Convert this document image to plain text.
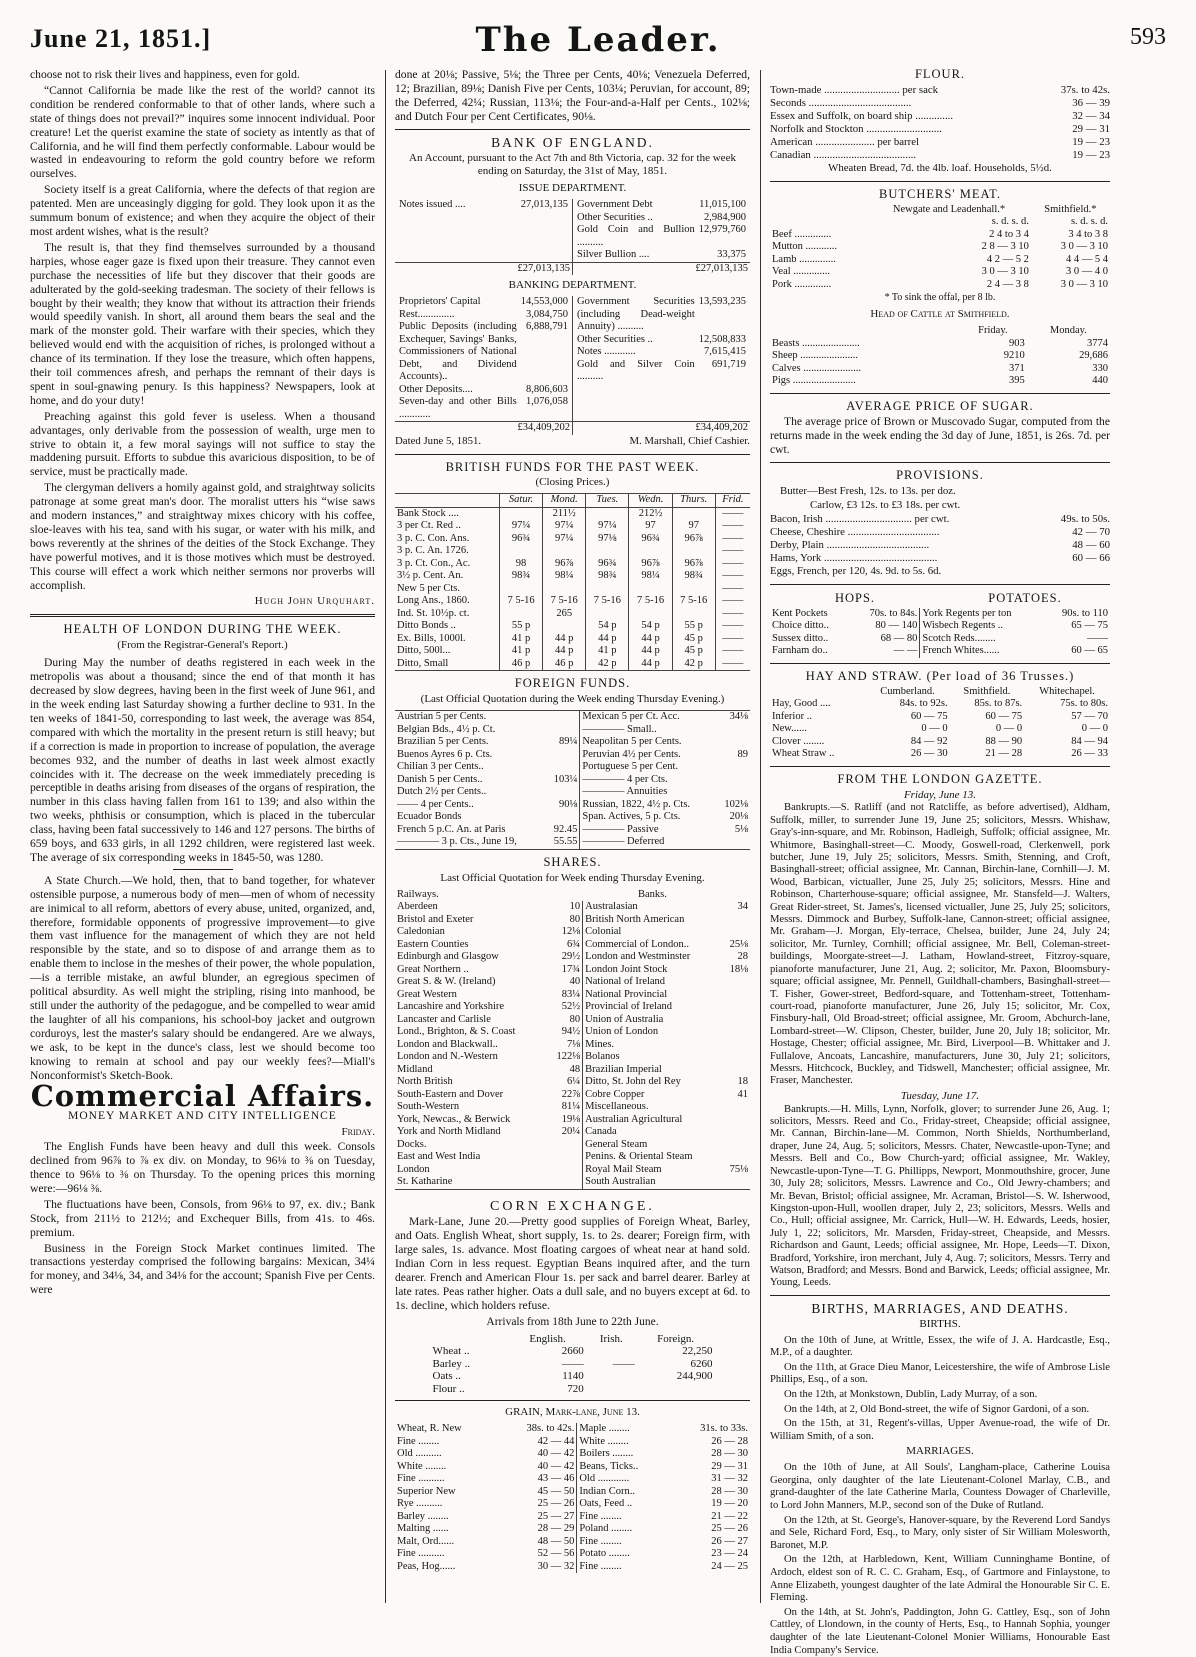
June 21, 1851.]	The Leader.	593

choose not to risk their lives and happiness, even for gold.

“Cannot California be made like the rest of the world? cannot its condition be rendered conformable to that of other lands, where such a state of things does not prevail?” inquires some innocent individual. Poor creature! Let the querist examine the state of society as intently as that of California, and he will find them perfectly conformable. Labour would be wasted in endeavouring to reform the gold country before we reform ourselves.

Society itself is a great California, where the defects of that region are patented. Men are unceasingly digging for gold. They look upon it as the summum bonum of existence; and when they acquire the object of their most ardent wishes, what is the result?

The result is, that they find themselves surrounded by a thousand harpies, whose eager gaze is fixed upon their treasure. They cannot even purchase the necessities of life but they discover that their goods are adulterated by the gold-seeking tradesman. The society of their fellows is bought by their wealth; they know that without its attraction their friends would speedily vanish. In short, all around them bears the seal and the mark of the monster gold. Their warfare with their species, which they believed would end with the acquisition of riches, is prolonged without a chance of its termination. If they lose the treasure, which often happens, their toil commences afresh, and perhaps the remnant of their days is spent in soul-gnawing penury. Is this happiness? Newspapers, look at home, and do your duty!

Preaching against this gold fever is useless. When a thousand advantages, only derivable from the possession of wealth, urge men to strive to obtain it, a few moral sayings will not suffice to stay the maddening pursuit. Efforts to subdue this avaricious disposition, to be of service, must be practically made.

The clergyman delivers a homily against gold, and straightway solicits patronage at some great man's door. The moralist utters his “wise saws and modern instances,” and straightway mixes chicory with his coffee, sloe-leaves with his tea, sand with his sugar, or water with his milk, and bows reverently at the shrines of the deities of the Stock Exchange. They have powerful motives, and it is those motives which must be destroyed. This course will effect a work which neither sermons nor proverbs will accomplish.

Hugh John Urquhart.
HEALTH OF LONDON DURING THE WEEK.
(From the Registrar-General's Report.)

During May the number of deaths registered in each week in the metropolis was about a thousand; since the end of that month it has decreased by slow degrees, having been in the first week of June 961, and in the week ending last Saturday showing a further decline to 931. In the ten weeks of 1841-50, corresponding to last week, the average was 854, compared with which the mortality in the present return is still heavy; but if a correction is made in proportion to increase of population, the average becomes 932, and the number of deaths in last week almost exactly coincides with it. The decrease on the week immediately preceding is perceptible in deaths arising from diseases of the organs of respiration, the number in this class having fallen from 161 to 139; and also within the two weeks, phthisis or consumption, which is placed in the tubercular class, having been fatal successively to 146 and 127 persons. The births of 659 boys, and 633 girls, in all 1292 children, were registered last week. The average of six corresponding weeks in 1845-50, was 1280.

A State Church.—We hold, then, that to band together, for whatever ostensible purpose, a numerous body of men—men of whom of necessity are inimical to all reform, abettors of every abuse, united, organized, and, therefore, formidable opponents of progressive improvement—to give them vast influence for the management of which they are not held responsible by the state, and so to dispose of and arrange them as to enable them to inclose in the meshes of their power, the whole population,—is a terrible mistake, an awful blunder, an egregious specimen of political absurdity. As well might the stripling, rising into manhood, be still under the authority of the pedagogue, and be compelled to wear amid the laughter of all his companions, his school-boy jacket and outgrown corduroys, lest the master's salary should be endangered. Are we always, we ask, to be kept in the dunce's class, lest we should become too knowing to remain at school and pay our weekly fees?—Miall's Nonconformist's Sketch-Book.

Commercial Affairs.
MONEY MARKET AND CITY INTELLIGENCE
Friday.

The English Funds have been heavy and dull this week. Consols declined from 96⅞ to ⅞ ex div. on Monday, to 96⅛ to ⅜ on Tuesday, thence to 96⅛ to ⅜ on Thursday. To the opening prices this morning were:—96⅛ ⅜.

The fluctuations have been, Consols, from 96⅛ to 97, ex. div.; Bank Stock, from 211½ to 212½; and Exchequer Bills, from 41s. to 46s. premium.

Business in the Foreign Stock Market continues limited. The transactions yesterday comprised the following bargains: Mexican, 34¼ for money, and 34⅛, 34, and 34⅛ for the account; Spanish Five per Cents. were

done at 20⅛; Passive, 5⅛; the Three per Cents, 40⅛; Venezuela Deferred, 12; Brazilian, 89⅛; Danish Five per Cents, 103¼; Peruvian, for account, 89; the Deferred, 42¼; Russian, 113⅛; the Four-and-a-Half per Cents., 102⅛; and Dutch Four per Cent Certificates, 90⅛.

BANK OF ENGLAND.
An Account, pursuant to the Act 7th and 8th Victoria, cap. 32 for the week ending on Saturday, the 31st of May, 1851.
ISSUE DEPARTMENT.
Notes issued ....	27,013,135
	Government Debt	11,015,100
Other Securities ..	2,984,900
Gold Coin and Bullion ..........	12,979,760
Silver Bullion ....	33,375

£27,013,135	£27,013,135
BANKING DEPARTMENT.
Proprietors' Capital	14,553,000
Rest..............	3,084,750
Public Deposits (including Exchequer, Savings' Banks, Commissioners of National Debt, and Dividend Accounts)..	6,888,791
Other Deposits....	8,806,603
Seven-day and other Bills ............	1,076,058

Government Securities (including Dead-weight Annuity) ..........	13,593,235
Other Securities ..	12,508,833
Notes ............	7,615,415
Gold and Silver Coin ..........	691,719

£34,409,202	£34,409,202
Dated June 5, 1851.	M. Marshall, Chief Cashier.
BRITISH FUNDS FOR THE PAST WEEK.
(Closing Prices.)
	Satur.	Mond.	Tues.	Wedn.	Thurs.	Frid.
Bank Stock ....		211½		212½		——
3 per Ct. Red ..	97¼	97¼	97¼	97	97	——
3 p. C. Con. Ans.	96¾	97¼	97⅛	96¾	96⅞	——
3 p. C. An. 1726.						——
3 p. Ct. Con., Ac.	98	96⅞	96¾	96⅞	96⅞	——
3½ p. Cent. An.	98¾	98¼	98¾	98¼	98¾	——
New 5 per Cts.						——
Long Ans., 1860.	7 5-16	7 5-16	7 5-16	7 5-16	7 5-16	——
Ind. St. 10½p. ct.		265				——
Ditto Bonds ..	55 p		54 p	54 p	55 p	——
Ex. Bills, 1000l.	41 p	44 p	44 p	44 p	45 p	——
Ditto, 500l...	41 p	44 p	41 p	44 p	45 p	——
Ditto, Small	46 p	46 p	42 p	44 p	42 p	——
FOREIGN FUNDS.
(Last Official Quotation during the Week ending Thursday Evening.)
Austrian 5 per Cents.		Mexican 5 per Ct. Acc.	34⅛
Belgian Bds., 4½ p. Ct.		———— Small..	
Brazilian 5 per Cents.	89¼	Neapolitan 5 per Cents.	
Buenos Ayres 6 p. Cts.		Peruvian 4½ per Cents.	89
Chilian 3 per Cents..		Portuguese 5 per Cent.	
Danish 5 per Cents..	103¼	———— 4 per Cts.	
Dutch 2½ per Cents..		———— Annuities	
—— 4 per Cents..	90⅛	Russian, 1822, 4½ p. Cts.	102⅛
Ecuador Bonds		Span. Actives, 5 p. Cts.	20⅛
French 5 p.C. An. at Paris	92.45	———— Passive	5⅛
———— 3 p. Cts., June 19,	55.55	———— Deferred	
SHARES.
Last Official Quotation for Week ending Thursday Evening.
Railways.		Banks.	
Aberdeen	10	Australasian	34
Bristol and Exeter	80	British North American	
Caledonian	12⅛	Colonial	
Eastern Counties	6¾	Commercial of London..	25⅛
Edinburgh and Glasgow	29½	London and Westminster	28
Great Northern ..	17¾	London Joint Stock	18⅛
Great S. & W. (Ireland)	40	National of Ireland	
Great Western	83¼	National Provincial	
Lancashire and Yorkshire	52½	Provincial of Ireland	
Lancaster and Carlisle	80	Union of Australia	
Lond., Brighton, & S. Coast	94½	Union of London	
London and Blackwall..	7⅛	Mines.	
London and N.-Western	122⅛	Bolanos	
Midland	48	Brazilian Imperial	
North British	6¼	Ditto, St. John del Rey	18
South-Eastern and Dover	22⅞	Cobre Copper	41
South-Western	81¼	Miscellaneous.	
York, Newcas., & Berwick	19⅛	Australian Agricultural	
York and North Midland	20¼	Canada	
Docks.		General Steam	
East and West India		Penins. & Oriental Steam	
London		Royal Mail Steam	75⅛
St. Katharine		South Australian	
CORN EXCHANGE.

Mark-Lane, June 20.—Pretty good supplies of Foreign Wheat, Barley, and Oats. English Wheat, short supply, 1s. to 2s. dearer; Foreign firm, with large sales, 1s. advance. Most floating cargoes of wheat near at hand sold. Indian Corn in less request. Egyptian Beans inquired after, and the turn dearer. French and American Flour 1s. per sack and barrel dearer. Barley at late rates. Peas rather higher. Oats a dull sale, and no buyers except at 6d. to 1s. decline, which holders refuse.

Arrivals from 18th June to 22th June.
	English.	Irish.	Foreign.
Wheat ..	2660		22,250
Barley ..	——	——	6260
Oats ..	1140		244,900
Flour ..	720		
GRAIN, Mark-lane, June 13.
Wheat, R. New	38s. to 42s.	Maple ........	31s. to 33s.
Fine ........	42 — 44	White ........	26 — 28
Old ..........	40 — 42	Boilers ........	28 — 30
White ........	40 — 42	Beans, Ticks..	29 — 31
Fine ..........	43 — 46	Old ............	31 — 32
Superior New	45 — 50	Indian Corn..	28 — 30
Rye ..........	25 — 26	Oats, Feed ..	19 — 20
Barley ........	25 — 27	Fine ........	21 — 22
Malting ......	28 — 29	Poland ........	25 — 26
Malt, Ord......	48 — 50	Fine ........	26 — 27
Fine ..........	52 — 56	Potato ........	23 — 24
Peas, Hog......	30 — 32	Fine ........	24 — 25
FLOUR.
Town-made ............................ per sack	37s. to 42s.
Seconds ......................................	36 — 39
Essex and Suffolk, on board ship ..............	32 — 34
Norfolk and Stockton ............................	29 — 31
American ...................... per barrel	19 — 23
Canadian ......................................	19 — 23
Wheaten Bread, 7d. the 4lb. loaf. Households, 5½d.
BUTCHERS' MEAT.
	Newgate and Leadenhall.*	Smithfield.*
	s. d. s. d.	s. d. s. d.
Beef ..............	2 4 to 3 4	3 4 to 3 8
Mutton ............	2 8 — 3 10	3 0 — 3 10
Lamb ..............	4 2 — 5 2	4 4 — 5 4
Veal ..............	3 0 — 3 10	3 0 — 4 0
Pork ..............	2 4 — 3 8	3 0 — 3 10
* To sink the offal, per 8 lb.
Head of Cattle at Smithfield.
	Friday.	Monday.
Beasts ......................	903	3774
Sheep ......................	9210	29,686
Calves ......................	371	330
Pigs ........................	395	440
AVERAGE PRICE OF SUGAR.

The average price of Brown or Muscovado Sugar, computed from the returns made in the week ending the 3d day of June, 1851, is 26s. 7d. per cwt.

PROVISIONS.
Butter—Best Fresh, 12s. to 13s. per doz.
Carlow, £3 12s. to £3 18s. per cwt.
Bacon, Irish ................................ per cwt.	49s. to 50s.
Cheese, Cheshire ..................................	42 — 70
Derby, Plain ......................................	48 — 60
Hams, York ..........................................	60 — 66
Eggs, French, per 120, 4s. 9d. to 5s. 6d.
HOPS.	POTATOES.
Kent Pockets	70s. to 84s.	York Regents per ton	90s. to 110
Choice ditto..	80 — 140	Wisbech Regents ..	65 — 75
Sussex ditto..	68 — 80	Scotch Reds........	——
Farnham do..	— —	French Whites......	60 — 65
HAY AND STRAW. (Per load of 36 Trusses.)
	Cumberland.	Smithfield.	Whitechapel.
Hay, Good ....	84s. to 92s.	85s. to 87s.	75s. to 80s.
Inferior ..	60 — 75	60 — 75	57 — 70
New......	0 — 0	0 — 0	0 — 0
Clover ........	84 — 92	88 — 90	84 — 94
Wheat Straw ..	26 — 30	21 — 28	26 — 33
FROM THE LONDON GAZETTE.
Friday, June 13.

Bankrupts.—S. Ratliff (and not Ratcliffe, as before advertised), Aldham, Suffolk, miller, to surrender June 19, June 25; solicitors, Messrs. Whishaw, Gray's-inn-square, and Mr. Robinson, Hadleigh, Suffolk; official assignee, Mr. Whitmore, Basinghall-street—C. Moody, Goswell-road, Clerkenwell, pork butcher, June 19, July 25; solicitors, Messrs. Smith, Stenning, and Croft, Basinghall-street; official assignee, Mr. Cannan, Birchin-lane, Cornhill—J. M. Wood, Barbican, victualler, June 25, July 25; solicitors, Messrs. Hine and Robinson, Charterhouse-square; official assignee, Mr. Stansfeld—J. Walters, Great Rider-street, St. James's, licensed victualler, June 25, July 25; solicitors, Messrs. Dimmock and Burbey, Suffolk-lane, Cannon-street; official assignee, Mr. Graham—J. Morgan, Ely-terrace, Chelsea, builder, June 24, July 24; solicitor, Mr. Turnley, Cornhill; official assignee, Mr. Bell, Coleman-street-buildings, Moorgate-street—J. Latham, Howland-street, Fitzroy-square, pianoforte manufacturer, June 21, Aug. 2; solicitor, Mr. Paxon, Bloomsbury-square; official assignee, Mr. Pennell, Guildhall-chambers, Basinghall-street—T. Fisher, Gower-street, Bedford-square, and Tottenham-street, Tottenham-court-road, pianoforte manufacturer, June 26, July 15; solicitor, Mr. Cox, Finsbury-hall, Old Broad-street; official assignee, Mr. Groom, Abchurch-lane, Lombard-street—W. Clipson, Chester, builder, June 20, July 18; solicitor, Mr. Hostage, Chester; official assignee, Mr. Bird, Liverpool—B. Whittaker and J. Fullalove, Ancoats, Lancashire, manufacturers, June 30, July 21; solicitors, Messrs. Hitchcock, Buckley, and Tidswell, Manchester; official assignee, Mr. Fraser, Manchester.

Tuesday, June 17.

Bankrupts.—H. Mills, Lynn, Norfolk, glover; to surrender June 26, Aug. 1; solicitors, Messrs. Reed and Co., Friday-street, Cheapside; official assignee, Mr. Cannan, Birchin-lane—M. Common, North Shields, Northumberland, draper, June 24, Aug. 5; solicitors, Messrs. Chater, Newcastle-upon-Tyne; and Messrs. Bell and Co., Bow Church-yard; official assignee, Mr. Wakley, Newcastle-upon-Tyne—T. G. Phillipps, Newport, Monmouthshire, grocer, June 30, July 28; solicitors, Messrs. Lawrence and Co., Old Jewry-chambers; and Mr. Bevan, Bristol; official assignee, Mr. Acraman, Bristol—S. W. Isherwood, Kingston-upon-Hull, woollen draper, July 2, 23; solicitors, Messrs. Wells and Co., Hull; official assignee, Mr. Carrick, Hull—W. H. Edwards, Leeds, hosier, July 1, 22; solicitors, Mr. Marsden, Friday-street, Cheapside, and Messrs. Richardson and Gaunt, Leeds; official assignee, Mr. Hope, Leeds—T. Dixon, Bradford, Yorkshire, iron merchant, July 4, Aug. 7; solicitors, Messrs. Terry and Watson, Bradford; and Messrs. Bond and Barwick, Leeds; official assignee, Mr. Young, Leeds.

BIRTHS, MARRIAGES, AND DEATHS.
BIRTHS.

On the 10th of June, at Writtle, Essex, the wife of J. A. Hardcastle, Esq., M.P., of a daughter.

On the 11th, at Grace Dieu Manor, Leicestershire, the wife of Ambrose Lisle Phillips, Esq., of a son.

On the 12th, at Monkstown, Dublin, Lady Murray, of a son.

On the 14th, at 2, Old Bond-street, the wife of Signor Gardoni, of a son.

On the 15th, at 31, Regent's-villas, Upper Avenue-road, the wife of Dr. William Smith, of a son.

MARRIAGES.

On the 10th of June, at All Souls', Langham-place, Catherine Louisa Georgina, only daughter of the late Lieutenant-Colonel Marlay, C.B., and grand-daughter of the late Catherine Marla, Countess Dowager of Charleville, to Lord John Manners, M.P., second son of the Duke of Rutland.

On the 12th, at St. George's, Hanover-square, by the Reverend Lord Sandys and Sele, Richard Ford, Esq., to Mary, only sister of Sir William Molesworth, Baronet, M.P.

On the 12th, at Harbledown, Kent, William Cunninghame Bontine, of Ardoch, eldest son of R. C. C. Graham, Esq., of Gartmore and Finlaystone, to Anne Elizabeth, youngest daughter of the late Admiral the Honourable Sir C. E. Fleming.

On the 14th, at St. John's, Paddington, John G. Cattley, Esq., son of John Cattley, of Llondown, in the county of Herts, Esq., to Hannah Sophia, younger daughter of the late Lieutenant-Colonel Monier Williams, Honourable East India Company's Service.
